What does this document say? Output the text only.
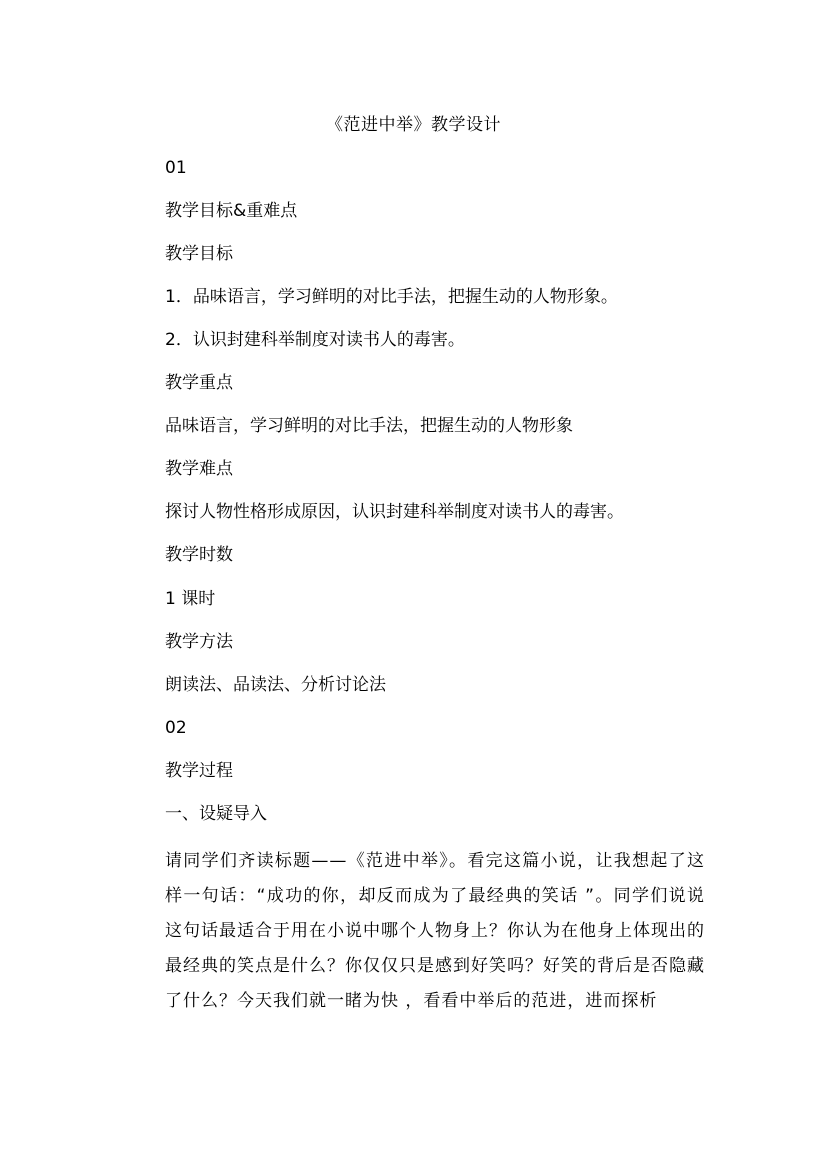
《范进中举》教学设计
01
教学目标&重难点
教学目标
1．品味语言，学习鲜明的对比手法，把握生动的人物形象。
2．认识封建科举制度对读书人的毒害。
教学重点
品味语言，学习鲜明的对比手法，把握生动的人物形象
教学难点
探讨人物性格形成原因，认识封建科举制度对读书人的毒害。
教学时数
1 课时
教学方法
朗读法、品读法、分析讨论法
02
教学过程
一、设疑导入
请同学们齐读标题——《范进中举》。看完这篇小说，让我想起了这样一句话：“成功的你，却反而成为了最经典的笑话 ”。同学们说说这句话最适合于用在小说中哪个人物身上？你认为在他身上体现出的最经典的笑点是什么？你仅仅只是感到好笑吗？好笑的背后是否隐藏了什么？今天我们就一睹为快 ，看看中举后的范进，进而探析
